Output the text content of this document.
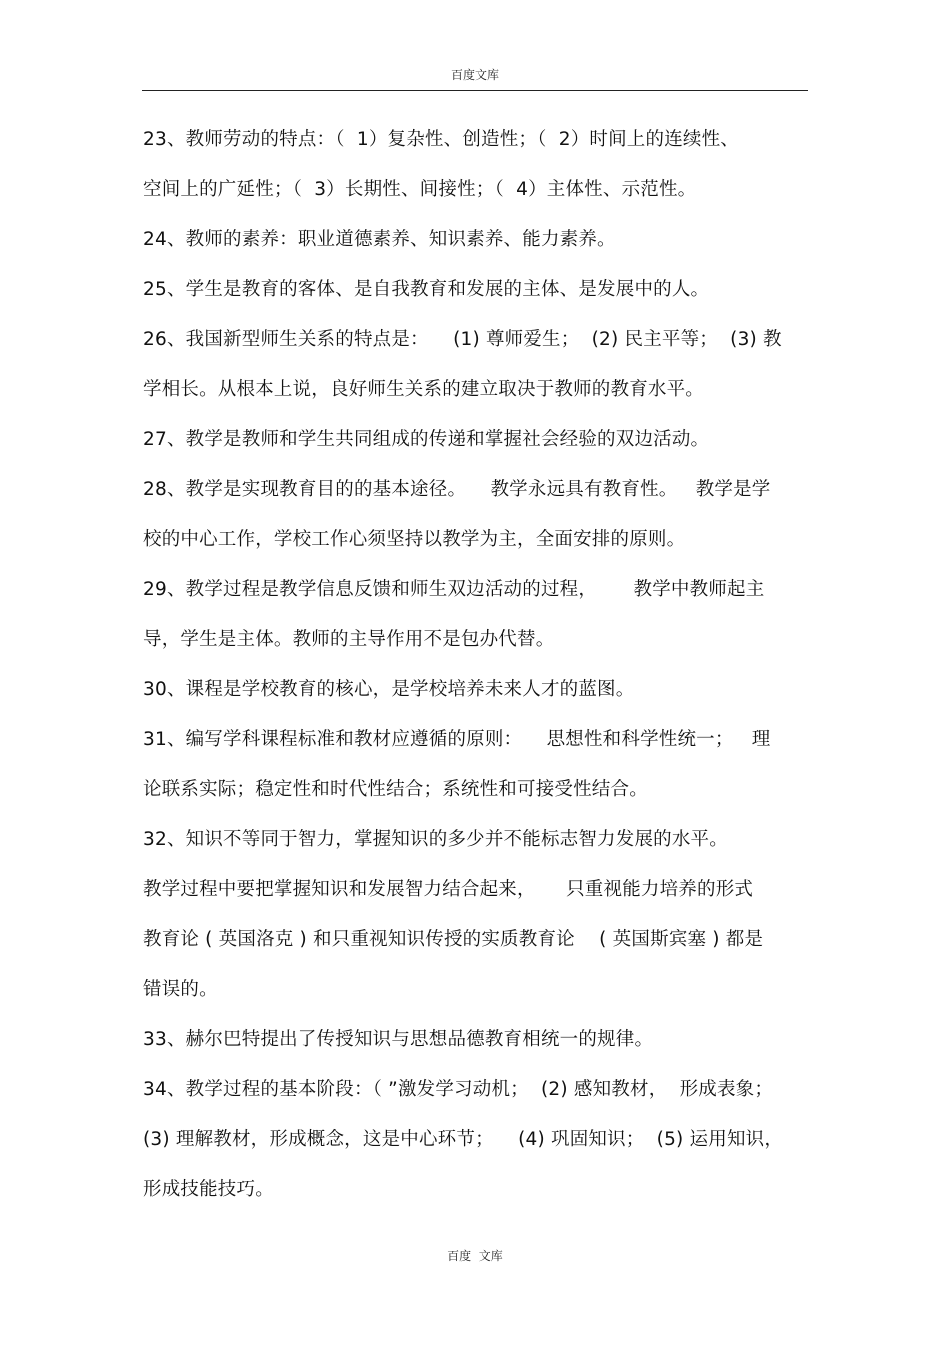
百度文库
23、教师劳动的特点：（  1）复杂性、创造性；（  2）时间上的连续性、
空间上的广延性；（  3）长期性、间接性；（  4）主体性、示范性。
24、教师的素养：职业道德素养、知识素养、能力素养。
25、学生是教育的客体、是自我教育和发展的主体、是发展中的人。
26、我国新型师生关系的特点是：    (1) 尊师爱生；  (2) 民主平等；  (3) 教
学相长。从根本上说，良好师生关系的建立取决于教师的教育水平。
27、教学是教师和学生共同组成的传递和掌握社会经验的双边活动。
28、教学是实现教育目的的基本途径。    教学永远具有教育性。   教学是学
校的中心工作，学校工作心须坚持以教学为主，全面安排的原则。
29、教学过程是教学信息反馈和师生双边活动的过程，      教学中教师起主
导，学生是主体。教师的主导作用不是包办代替。
30、课程是学校教育的核心，是学校培养未来人才的蓝图。
31、编写学科课程标准和教材应遵循的原则：    思想性和科学性统一；   理
论联系实际；稳定性和时代性结合；系统性和可接受性结合。
32、知识不等同于智力，掌握知识的多少并不能标志智力发展的水平。
教学过程中要把掌握知识和发展智力结合起来，     只重视能力培养的形式
教育论 ( 英国洛克 ) 和只重视知识传授的实质教育论    ( 英国斯宾塞 ) 都是
错误的。
33、赫尔巴特提出了传授知识与思想品德教育相统一的规律。
34、教学过程的基本阶段：（ ”激发学习动机；  (2) 感知教材，  形成表象；
(3) 理解教材，形成概念，这是中心环节；    (4) 巩固知识；  (5) 运用知识，
形成技能技巧。
百度  文库
